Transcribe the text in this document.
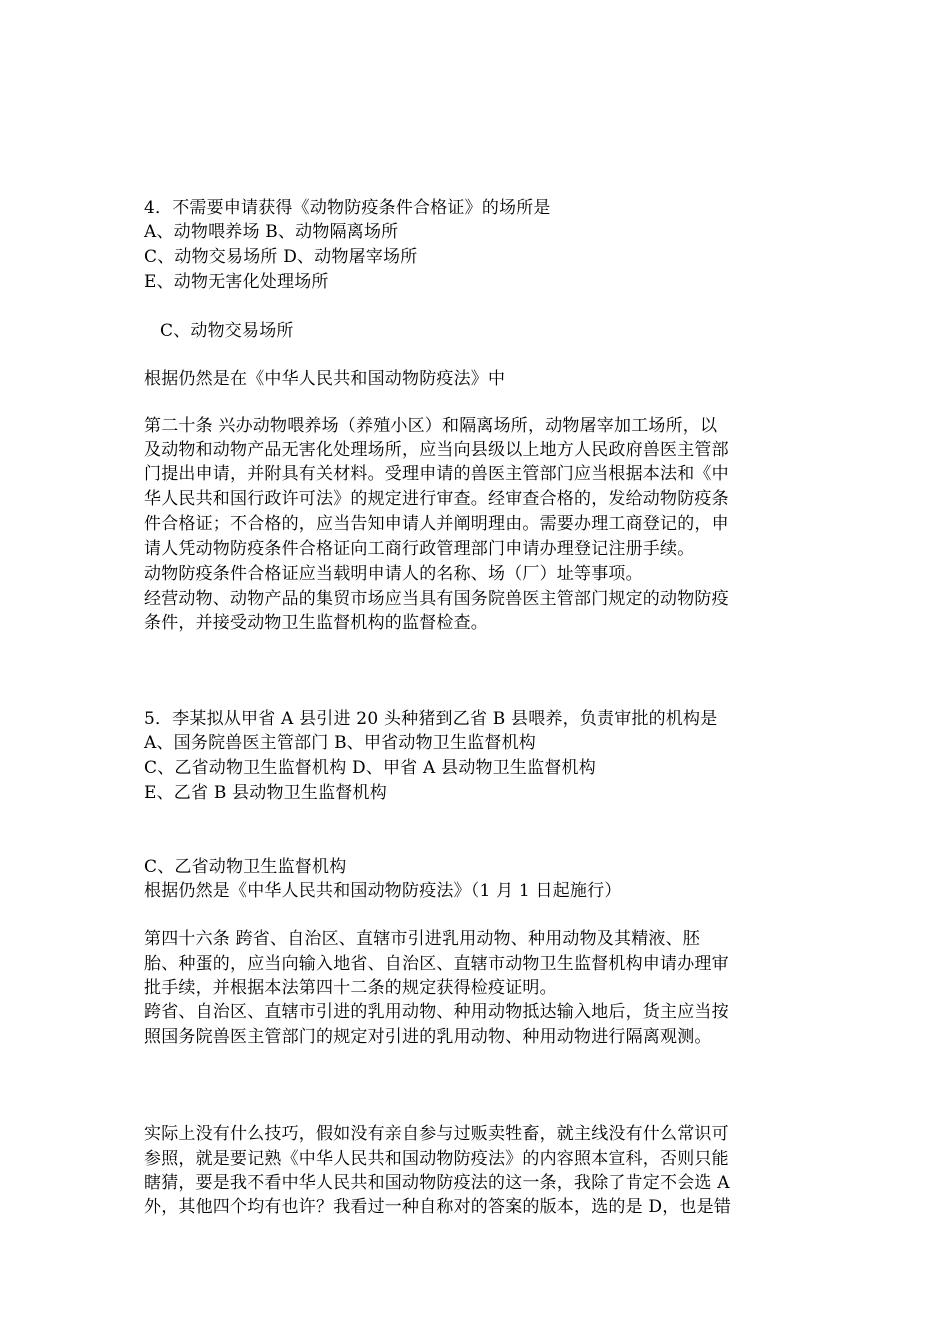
4．不需要申请获得《动物防疫条件合格证》的场所是
A、动物喂养场 B、动物隔离场所
C、动物交易场所 D、动物屠宰场所
E、动物无害化处理场所
C、动物交易场所
根据仍然是在《中华人民共和国动物防疫法》中
第二十条 兴办动物喂养场（养殖小区）和隔离场所，动物屠宰加工场所，以
及动物和动物产品无害化处理场所，应当向县级以上地方人民政府兽医主管部
门提出申请，并附具有关材料。受理申请的兽医主管部门应当根据本法和《中
华人民共和国行政许可法》的规定进行审查。经审查合格的，发给动物防疫条
件合格证；不合格的，应当告知申请人并阐明理由。需要办理工商登记的，申
请人凭动物防疫条件合格证向工商行政管理部门申请办理登记注册手续。
动物防疫条件合格证应当载明申请人的名称、场（厂）址等事项。
经营动物、动物产品的集贸市场应当具有国务院兽医主管部门规定的动物防疫
条件，并接受动物卫生监督机构的监督检查。
5．李某拟从甲省 A 县引进 20 头种猪到乙省 B 县喂养，负责审批的机构是
A、国务院兽医主管部门 B、甲省动物卫生监督机构
C、乙省动物卫生监督机构 D、甲省 A 县动物卫生监督机构
E、乙省 B 县动物卫生监督机构
C、乙省动物卫生监督机构
根据仍然是《中华人民共和国动物防疫法》（1 月 1 日起施行）
第四十六条 跨省、自治区、直辖市引进乳用动物、种用动物及其精液、胚
胎、种蛋的，应当向输入地省、自治区、直辖市动物卫生监督机构申请办理审
批手续，并根据本法第四十二条的规定获得检疫证明。
跨省、自治区、直辖市引进的乳用动物、种用动物抵达输入地后，货主应当按
照国务院兽医主管部门的规定对引进的乳用动物、种用动物进行隔离观测。
实际上没有什么技巧，假如没有亲自参与过贩卖牲畜，就主线没有什么常识可
参照，就是要记熟《中华人民共和国动物防疫法》的内容照本宣科，否则只能
瞎猜，要是我不看中华人民共和国动物防疫法的这一条，我除了肯定不会选 A
外，其他四个均有也许？我看过一种自称对的答案的版本，选的是 D，也是错
